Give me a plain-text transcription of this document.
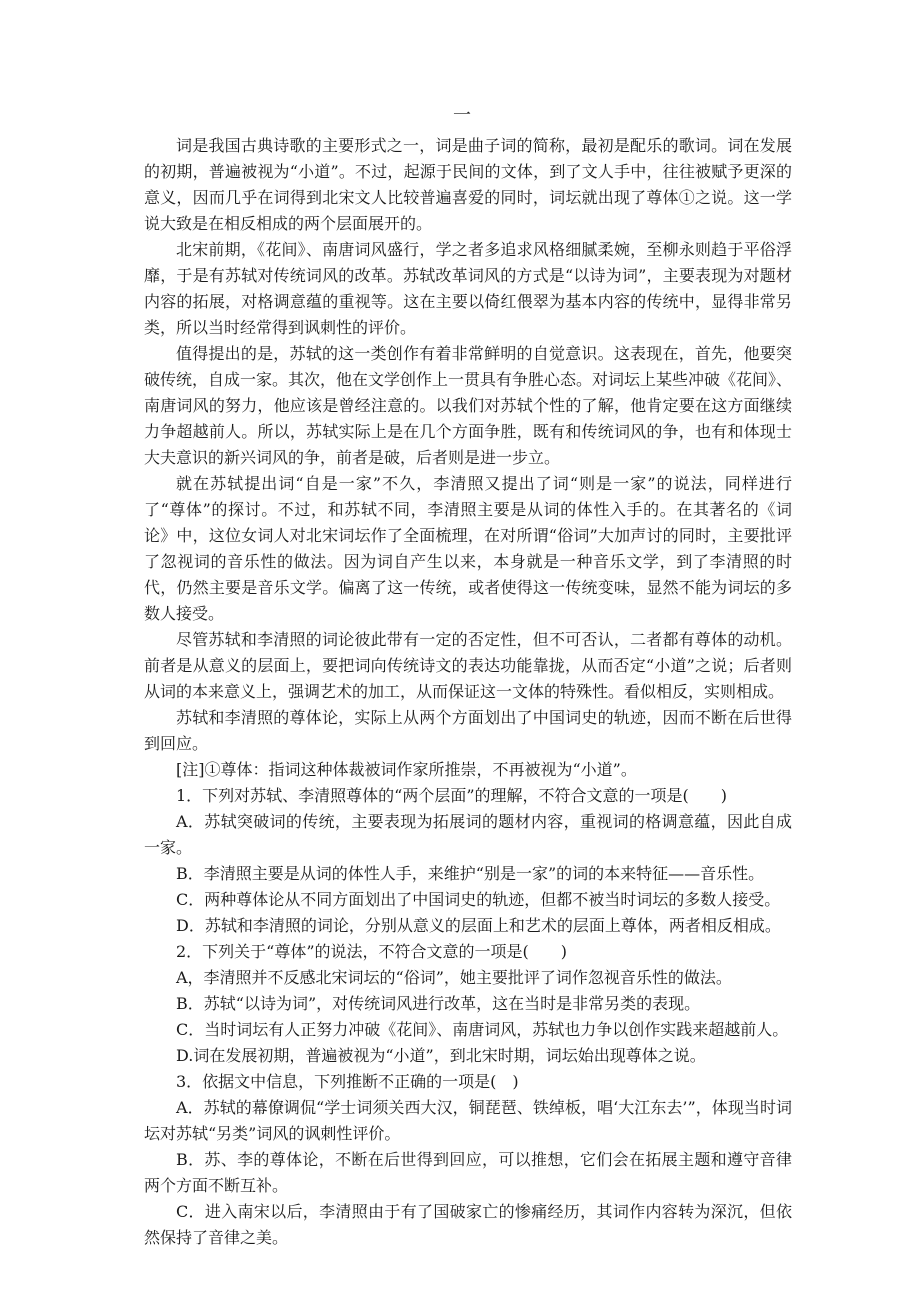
一

词是我国古典诗歌的主要形式之一，词是曲子词的简称，最初是配乐的歌词。词在发展的初期，普遍被视为“小道”。不过，起源于民间的文体，到了文人手中，往往被赋予更深的意义，因而几乎在词得到北宋文人比较普遍喜爱的同时，词坛就出现了尊体①之说。这一学说大致是在相反相成的两个层面展开的。

北宋前期，《花间》、南唐词风盛行，学之者多追求风格细腻柔婉，至柳永则趋于平俗浮靡，于是有苏轼对传统词风的改革。苏轼改革词风的方式是“以诗为词”，主要表现为对题材内容的拓展，对格调意蕴的重视等。这在主要以倚红偎翠为基本内容的传统中，显得非常另类，所以当时经常得到讽刺性的评价。

值得提出的是，苏轼的这一类创作有着非常鲜明的自觉意识。这表现在，首先，他要突破传统，自成一家。其次，他在文学创作上一贯具有争胜心态。对词坛上某些冲破《花间》、南唐词风的努力，他应该是曾经注意的。以我们对苏轼个性的了解，他肯定要在这方面继续力争超越前人。所以，苏轼实际上是在几个方面争胜，既有和传统词风的争，也有和体现士大夫意识的新兴词风的争，前者是破，后者则是进一步立。

就在苏轼提出词“自是一家”不久，李清照又提出了词“则是一家”的说法，同样进行了“尊体”的探讨。不过，和苏轼不同，李清照主要是从词的体性入手的。在其著名的《词论》中，这位女词人对北宋词坛作了全面梳理，在对所谓“俗词”大加声讨的同时，主要批评了忽视词的音乐性的做法。因为词自产生以来，本身就是一种音乐文学，到了李清照的时代，仍然主要是音乐文学。偏离了这一传统，或者使得这一传统变味，显然不能为词坛的多数人接受。

尽管苏轼和李清照的词论彼此带有一定的否定性，但不可否认，二者都有尊体的动机。前者是从意义的层面上，要把词向传统诗文的表达功能靠拢，从而否定“小道”之说；后者则从词的本来意义上，强调艺术的加工，从而保证这一文体的特殊性。看似相反，实则相成。

苏轼和李清照的尊体论，实际上从两个方面划出了中国词史的轨迹，因而不断在后世得到回应。

[注]①尊体：指词这种体裁被词作家所推崇，不再被视为“小道”。

1．下列对苏轼、李清照尊体的“两个层面”的理解，不符合文意的一项是(　　)

A．苏轼突破词的传统，主要表现为拓展词的题材内容，重视词的格调意蕴，因此自成一家。

B．李清照主要是从词的体性人手，来维护“别是一家”的词的本来特征——音乐性。

C．两种尊体论从不同方面划出了中国词史的轨迹，但都不被当时词坛的多数人接受。

D．苏轼和李清照的词论，分别从意义的层面上和艺术的层面上尊体，两者相反相成。

2．下列关于“尊体”的说法，不符合文意的一项是(　　)

A，李清照并不反感北宋词坛的“俗词”，她主要批评了词作忽视音乐性的做法。

B．苏轼“以诗为词”，对传统词风进行改革，这在当时是非常另类的表现。

C．当时词坛有人正努力冲破《花间》、南唐词风，苏轼也力争以创作实践来超越前人。

D.词在发展初期，普遍被视为“小道”，到北宋时期，词坛始出现尊体之说。

3．依据文中信息，下列推断不正确的一项是(　)

A．苏轼的幕僚调侃“学士词须关西大汉，铜琵琶、铁绰板，唱‘大江东去’”，体现当时词坛对苏轼“另类”词风的讽刺性评价。

B．苏、李的尊体论，不断在后世得到回应，可以推想，它们会在拓展主题和遵守音律两个方面不断互补。

C．进入南宋以后，李清照由于有了国破家亡的惨痛经历，其词作内容转为深沉，但依然保持了音律之美。
